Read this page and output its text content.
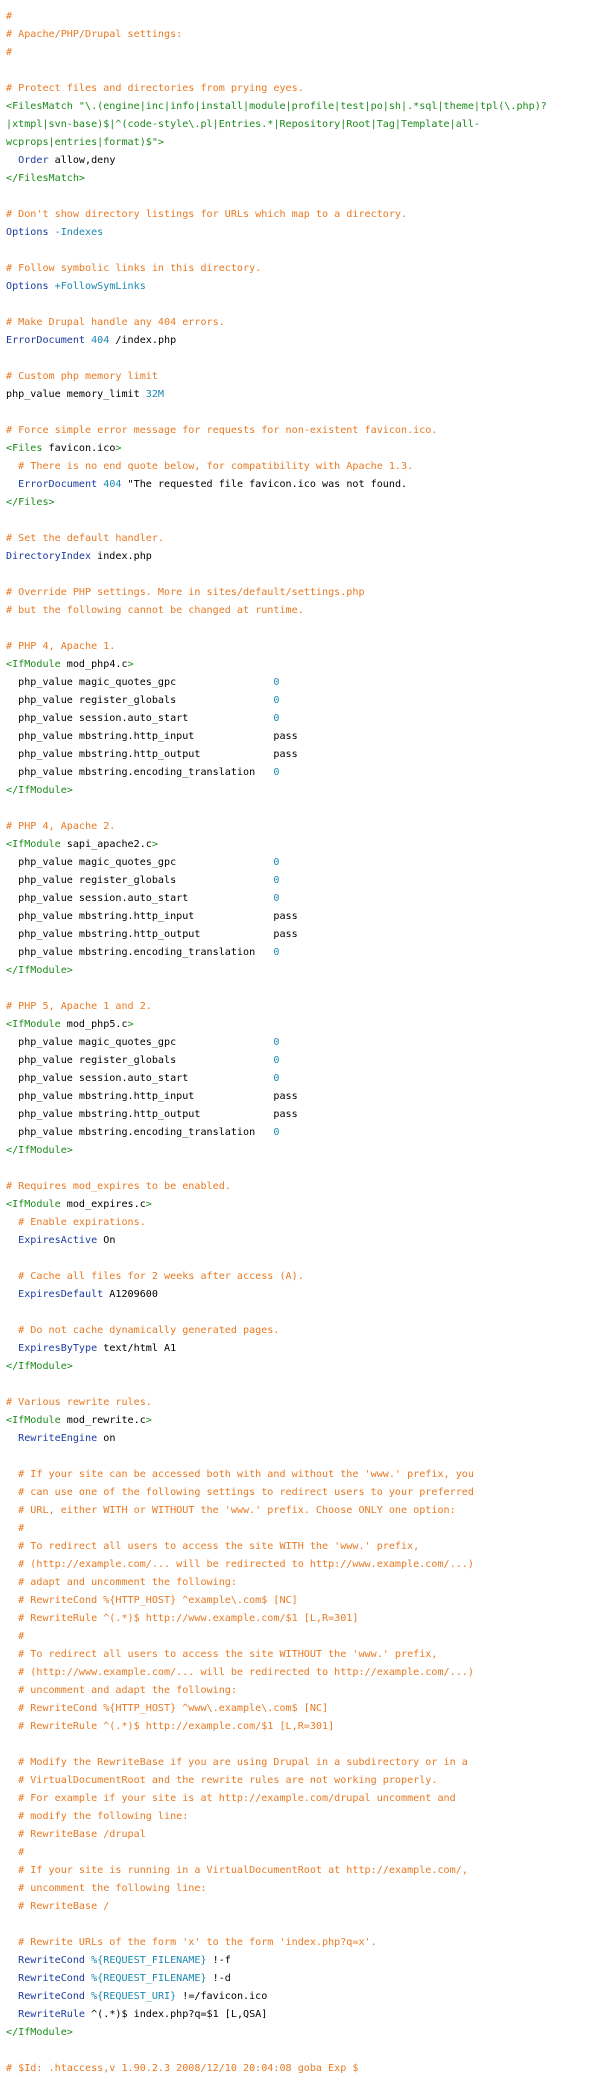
#
# Apache/PHP/Drupal settings:
#

# Protect files and directories from prying eyes.
<FilesMatch "\.(engine|inc|info|install|module|profile|test|po|sh|.*sql|theme|tpl(\.php)?
|xtmpl|svn-base)$|^(code-style\.pl|Entries.*|Repository|Root|Tag|Template|all-
wcprops|entries|format)$">
Order allow,deny
</FilesMatch>

# Don't show directory listings for URLs which map to a directory.
Options -Indexes

# Follow symbolic links in this directory.
Options +FollowSymLinks

# Make Drupal handle any 404 errors.
ErrorDocument 404 /index.php

# Custom php memory limit
php_value memory_limit 32M

# Force simple error message for requests for non-existent favicon.ico.
<Files favicon.ico>
# There is no end quote below, for compatibility with Apache 1.3.
ErrorDocument 404 "The requested file favicon.ico was not found.
</Files>

# Set the default handler.
DirectoryIndex index.php

# Override PHP settings. More in sites/default/settings.php
# but the following cannot be changed at runtime.

# PHP 4, Apache 1.
<IfModule mod_php4.c>
php_value magic_quotes_gpc                0
php_value register_globals                0
php_value session.auto_start              0
php_value mbstring.http_input             pass
php_value mbstring.http_output            pass
php_value mbstring.encoding_translation   0
</IfModule>

# PHP 4, Apache 2.
<IfModule sapi_apache2.c>
php_value magic_quotes_gpc                0
php_value register_globals                0
php_value session.auto_start              0
php_value mbstring.http_input             pass
php_value mbstring.http_output            pass
php_value mbstring.encoding_translation   0
</IfModule>

# PHP 5, Apache 1 and 2.
<IfModule mod_php5.c>
php_value magic_quotes_gpc                0
php_value register_globals                0
php_value session.auto_start              0
php_value mbstring.http_input             pass
php_value mbstring.http_output            pass
php_value mbstring.encoding_translation   0
</IfModule>

# Requires mod_expires to be enabled.
<IfModule mod_expires.c>
# Enable expirations.
ExpiresActive On

# Cache all files for 2 weeks after access (A).
ExpiresDefault A1209600

# Do not cache dynamically generated pages.
ExpiresByType text/html A1
</IfModule>

# Various rewrite rules.
<IfModule mod_rewrite.c>
RewriteEngine on

# If your site can be accessed both with and without the 'www.' prefix, you
# can use one of the following settings to redirect users to your preferred
# URL, either WITH or WITHOUT the 'www.' prefix. Choose ONLY one option:
#
# To redirect all users to access the site WITH the 'www.' prefix,
# (http://example.com/... will be redirected to http://www.example.com/...)
# adapt and uncomment the following:
# RewriteCond %{HTTP_HOST} ^example\.com$ [NC]
# RewriteRule ^(.*)$ http://www.example.com/$1 [L,R=301]
#
# To redirect all users to access the site WITHOUT the 'www.' prefix,
# (http://www.example.com/... will be redirected to http://example.com/...)
# uncomment and adapt the following:
# RewriteCond %{HTTP_HOST} ^www\.example\.com$ [NC]
# RewriteRule ^(.*)$ http://example.com/$1 [L,R=301]

# Modify the RewriteBase if you are using Drupal in a subdirectory or in a
# VirtualDocumentRoot and the rewrite rules are not working properly.
# For example if your site is at http://example.com/drupal uncomment and
# modify the following line:
# RewriteBase /drupal
#
# If your site is running in a VirtualDocumentRoot at http://example.com/,
# uncomment the following line:
# RewriteBase /

# Rewrite URLs of the form 'x' to the form 'index.php?q=x'.
RewriteCond %{REQUEST_FILENAME} !-f
RewriteCond %{REQUEST_FILENAME} !-d
RewriteCond %{REQUEST_URI} !=/favicon.ico
RewriteRule ^(.*)$ index.php?q=$1 [L,QSA]
</IfModule>

# $Id: .htaccess,v 1.90.2.3 2008/12/10 20:04:08 goba Exp $
